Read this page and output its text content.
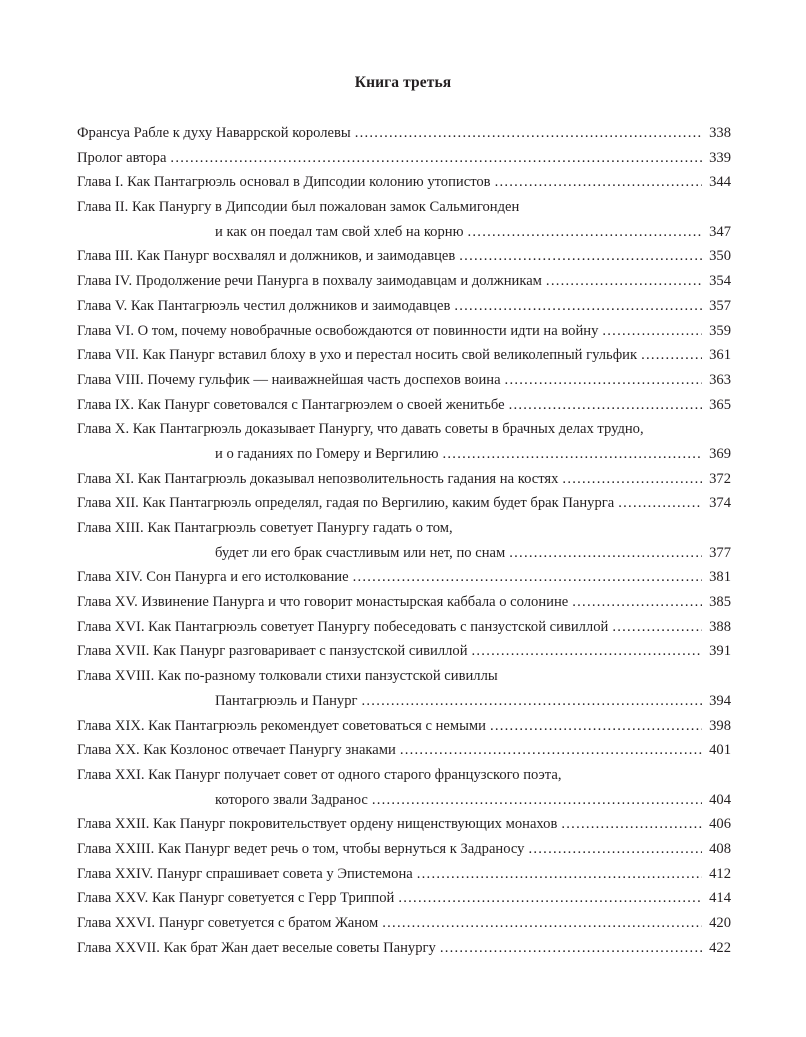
Книга третья
Франсуа Рабле к духу Наваррской королевы . . .	338
Пролог автора . . .	339
Глава I. Как Пантагрюэль основал в Дипсодии колонию утопистов . . .	344
Глава II. Как Панургу в Дипсодии был пожалован замок Сальмигонден
и как он поедал там свой хлеб на корню . . .	347
Глава III. Как Панург восхвалял и должников, и заимодавцев . . .	350
Глава IV. Продолжение речи Панурга в похвалу заимодавцам и должникам . . .	354
Глава V. Как Пантагрюэль честил должников и заимодавцев . . .	357
Глава VI. О том, почему новобрачные освобождаются от повинности идти на войну . . .	359
Глава VII. Как Панург вставил блоху в ухо и перестал носить свой великолепный гульфик . . .	361
Глава VIII. Почему гульфик — наиважнейшая часть доспехов воина . . .	363
Глава IX. Как Панург советовался с Пантагрюэлем о своей женитьбе . . .	365
Глава X. Как Пантагрюэль доказывает Панургу, что давать советы в брачных делах трудно,
и о гаданиях по Гомеру и Вергилию . . .	369
Глава XI. Как Пантагрюэль доказывал непозволительность гадания на костях . . .	372
Глава XII. Как Пантагрюэль определял, гадая по Вергилию, каким будет брак Панурга . . .	374
Глава XIII. Как Пантагрюэль советует Панургу гадать о том,
будет ли его брак счастливым или нет, по снам . . .	377
Глава XIV. Сон Панурга и его истолкование . . .	381
Глава XV. Извинение Панурга и что говорит монастырская каббала о солонине . . .	385
Глава XVI. Как Пантагрюэль советует Панургу побеседовать с панзустской сивиллой . . .	388
Глава XVII. Как Панург разговаривает с панзустской сивиллой . . .	391
Глава XVIII. Как по-разному толковали стихи панзустской сивиллы
Пантагрюэль и Панург . . .	394
Глава XIX. Как Пантагрюэль рекомендует советоваться с немыми . . .	398
Глава XX. Как Козлонос отвечает Панургу знаками . . .	401
Глава XXI. Как Панург получает совет от одного старого французского поэта,
которого звали Задранос . . .	404
Глава XXII. Как Панург покровительствует ордену нищенствующих монахов . . .	406
Глава XXIII. Как Панург ведет речь о том, чтобы вернуться к Задраносу . . .	408
Глава XXIV. Панург спрашивает совета у Эпистемона . . .	412
Глава XXV. Как Панург советуется с Герр Триппой . . .	414
Глава XXVI. Панург советуется с братом Жаном . . .	420
Глава XXVII. Как брат Жан дает веселые советы Панургу . . .	422
